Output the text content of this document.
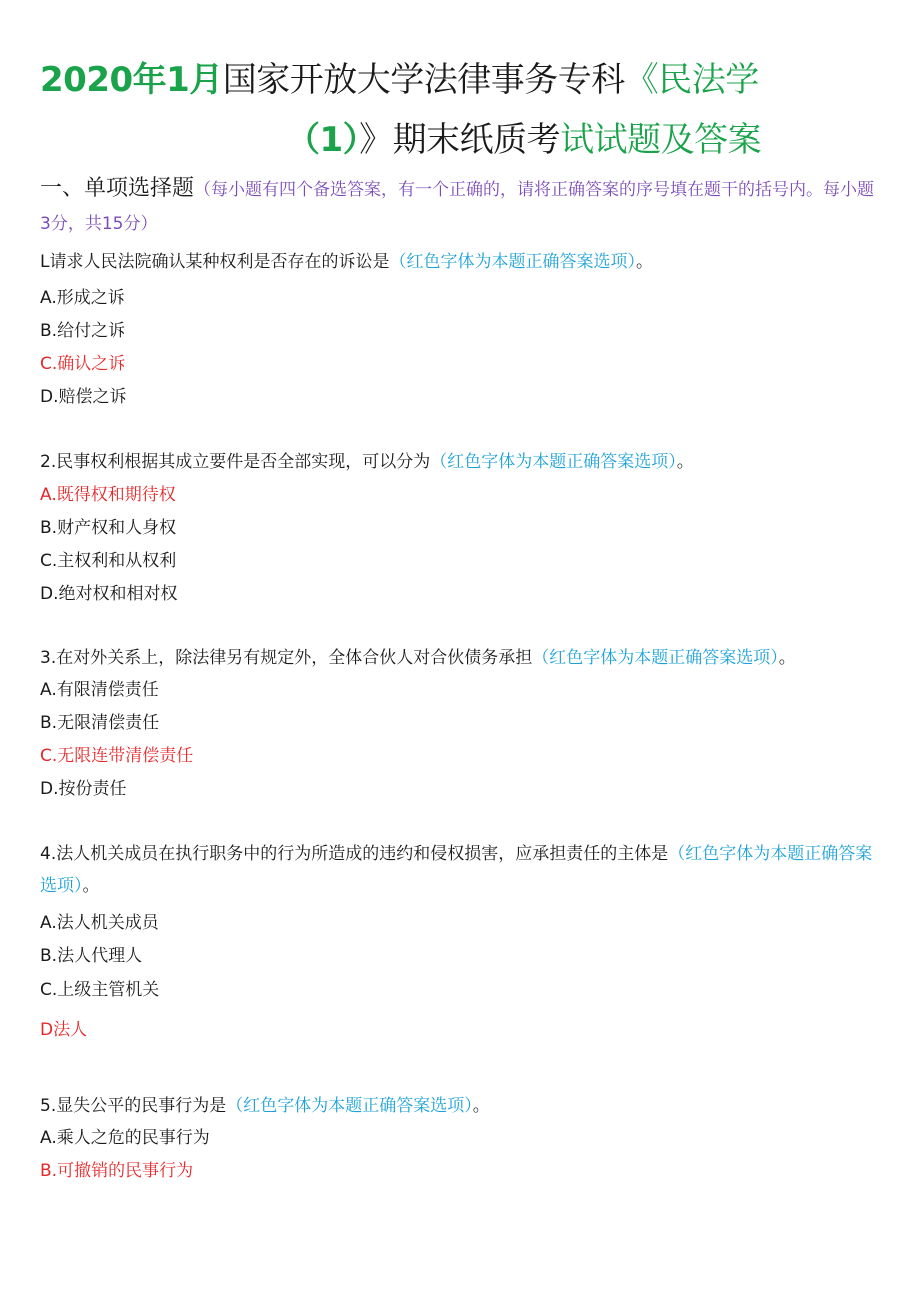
2020年1月国家开放大学法律事务专科《民法学
（1）》期末纸质考试试题及答案
一、单项选择题（每小题有四个备选答案，有一个正确的，请将正确答案的序号填在题干的括号内。每小题3分，共15分）
L请求人民法院确认某种权利是否存在的诉讼是（红色字体为本题正确答案选项）。
A.形成之诉
B.给付之诉
C.确认之诉
D.赔偿之诉
2.民事权利根据其成立要件是否全部实现，可以分为（红色字体为本题正确答案选项）。
A.既得权和期待权
B.财产权和人身权
C.主权利和从权利
D.绝对权和相对权
3.在对外关系上，除法律另有规定外，全体合伙人对合伙债务承担（红色字体为本题正确答案选项）。
A.有限清偿责任
B.无限清偿责任
C.无限连带清偿责任
D.按份责任
4.法人机关成员在执行职务中的行为所造成的违约和侵权损害，应承担责任的主体是（红色字体为本题正确答案选项）。
A.法人机关成员
B.法人代理人
C.上级主管机关
D法人
5.显失公平的民事行为是（红色字体为本题正确答案选项）。
A.乘人之危的民事行为
B.可撤销的民事行为
